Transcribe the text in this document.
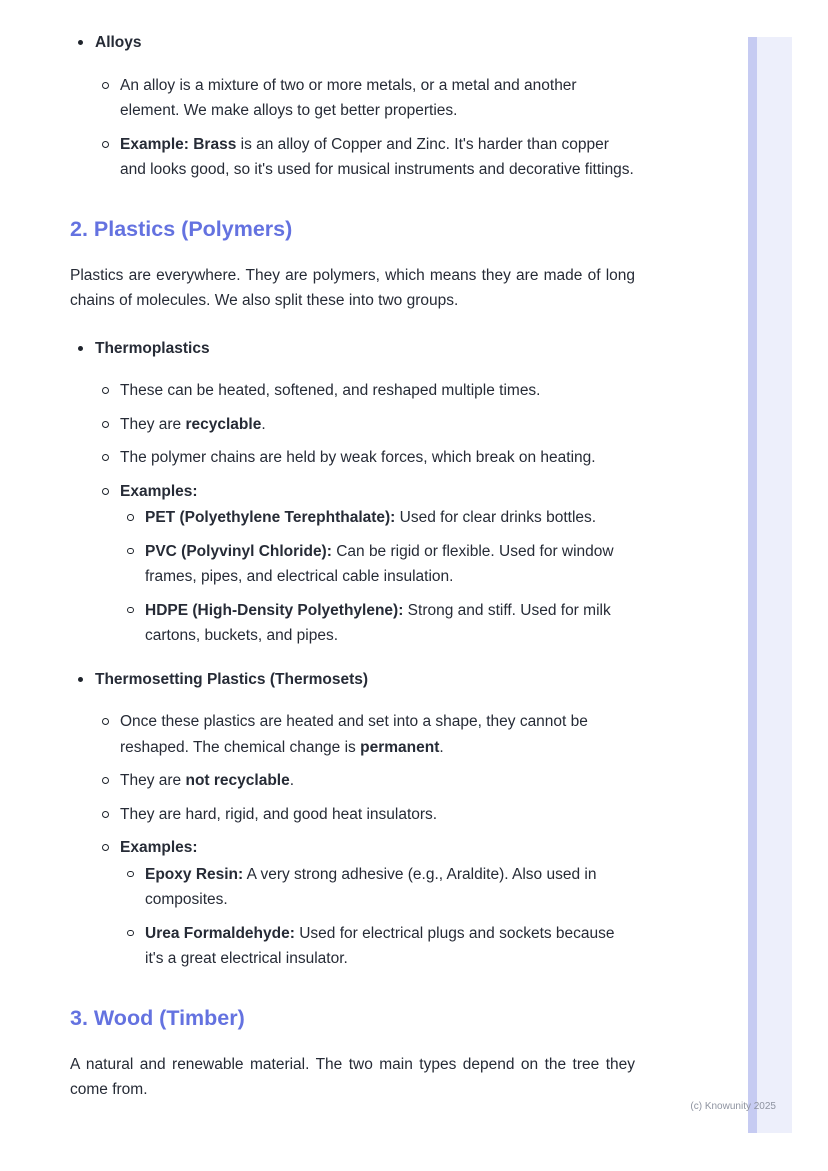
Alloys
An alloy is a mixture of two or more metals, or a metal and another element. We make alloys to get better properties.
Example: Brass is an alloy of Copper and Zinc. It's harder than copper and looks good, so it's used for musical instruments and decorative fittings.
2. Plastics (Polymers)

Plastics are everywhere. They are polymers, which means they are made of long chains of molecules. We also split these into two groups.

Thermoplastics
These can be heated, softened, and reshaped multiple times.
They are recyclable.
The polymer chains are held by weak forces, which break on heating.
Examples:
PET (Polyethylene Terephthalate): Used for clear drinks bottles.
PVC (Polyvinyl Chloride): Can be rigid or flexible. Used for window frames, pipes, and electrical cable insulation.
HDPE (High-Density Polyethylene): Strong and stiff. Used for milk cartons, buckets, and pipes.
Thermosetting Plastics (Thermosets)
Once these plastics are heated and set into a shape, they cannot be reshaped. The chemical change is permanent.
They are not recyclable.
They are hard, rigid, and good heat insulators.
Examples:
Epoxy Resin: A very strong adhesive (e.g., Araldite). Also used in composites.
Urea Formaldehyde: Used for electrical plugs and sockets because it's a great electrical insulator.
3. Wood (Timber)

A natural and renewable material. The two main types depend on the tree they come from.

(c) Knowunity 2025
